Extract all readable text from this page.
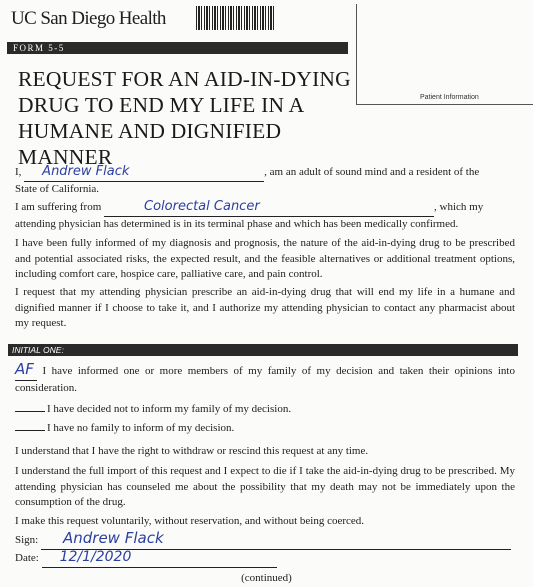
UC San Diego Health
FORM 5-5
Patient Information
REQUEST FOR AN AID-IN-DYING DRUG TO END MY LIFE IN A HUMANE AND DIGNIFIED MANNER
I, Andrew Flack	, am an adult of sound mind and a resident of the
State of California.
I am suffering from	Colorectal Cancer	, which my
attending physician has determined is in its terminal phase and which has been medically confirmed.
I have been fully informed of my diagnosis and prognosis, the nature of the aid-in-dying drug to be prescribed and potential associated risks, the expected result, and the feasible alternatives or additional treatment options, including comfort care, hospice care, palliative care, and pain control.
I request that my attending physician prescribe an aid-in-dying drug that will end my life in a humane and dignified manner if I choose to take it, and I authorize my attending physician to contact any pharmacist about my request.
INITIAL ONE:
AF I have informed one or more members of my family of my decision and taken their opinions into consideration.
I have decided not to inform my family of my decision.
I have no family to inform of my decision.
I understand that I have the right to withdraw or rescind this request at any time.
I understand the full import of this request and I expect to die if I take the aid-in-dying drug to be prescribed. My attending physician has counseled me about the possibility that my death may not be immediately upon the consumption of the drug.
I make this request voluntarily, without reservation, and without being coerced.
Sign: Andrew Flack
Date: 12/1/2020
(continued)
